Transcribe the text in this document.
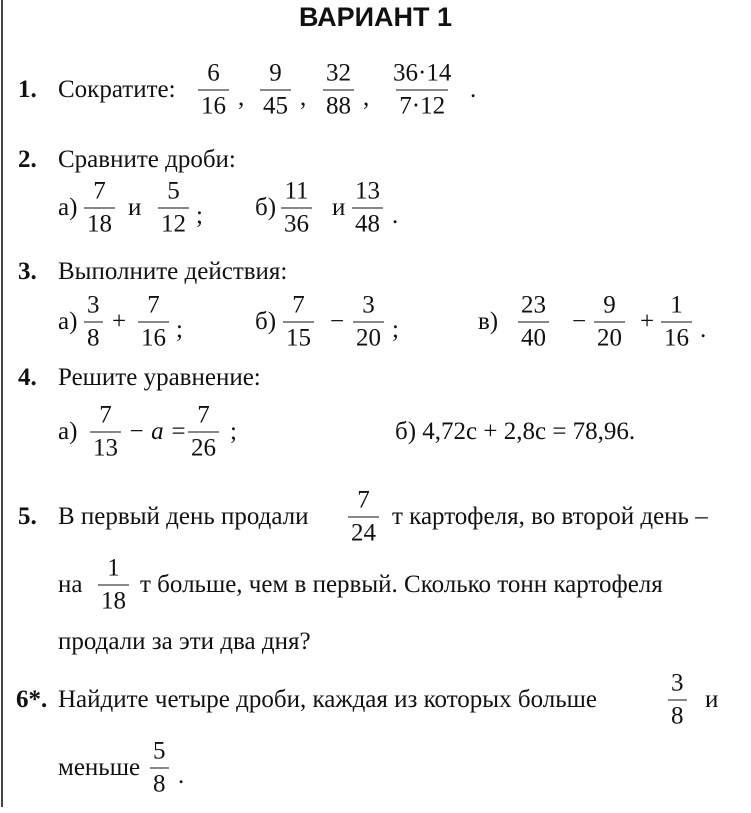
ВАРИАНТ 1
1. Сократите: $\frac{6}{16}$ , $\frac{9}{45}$ , $\frac{32}{88}$ , $\frac{36\cdot 14}{7\cdot 12}$ .
2. Сравните дроби:
$а) \frac{7}{18}$ и $\frac{5}{12}$ ; $б) \frac{11}{36}$ и $\frac{13}{48}$ .
3. Выполните действия:
$а) \frac{3}{8} + \frac{7}{16}$ ;	$б) \frac{7}{15} - \frac{3}{20}$ ;	$в) \frac{23}{40} - \frac{9}{20} + \frac{1}{16}$ .
4. Решите уравнение:
$а) \frac{7}{13} - a = \frac{7}{26}$ ;	б) 4,72c + 2,8c = 78,96.
5. В первый день продали $\frac{7}{24}$ т картофеля, во второй день –
на $\frac{1}{18}$ т больше, чем в первый. Сколько тонн картофеля
продали за эти два дня?
6*. Найдите четыре дроби, каждая из которых больше	$\frac{3}{8}$ и
меньше $\frac{5}{8}$ .
